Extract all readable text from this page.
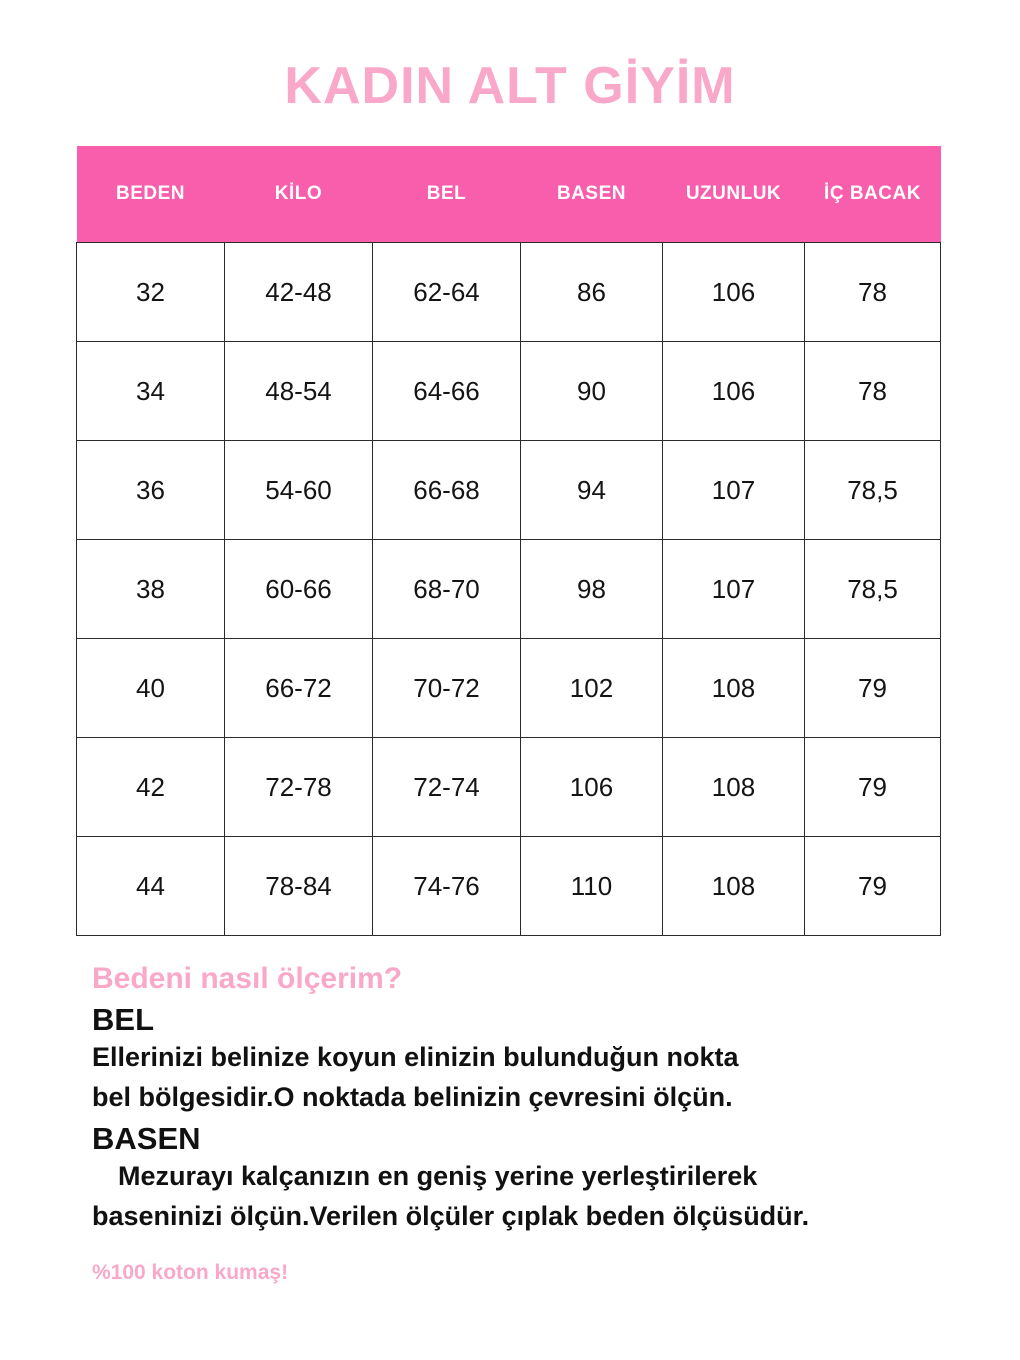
KADIN ALT GİYİM
BEDEN	KİLO	BEL	BASEN	UZUNLUK	İÇ BACAK
32	42-48	62-64	86	106	78
34	48-54	64-66	90	106	78
36	54-60	66-68	94	107	78,5
38	60-66	68-70	98	107	78,5
40	66-72	70-72	102	108	79
42	72-78	72-74	106	108	79
44	78-84	74-76	110	108	79
Bedeni nasıl ölçerim?
BEL
Ellerinizi belinize koyun elinizin bulunduğun nokta
bel bölgesidir.O noktada belinizin çevresini ölçün.
BASEN
Mezurayı kalçanızın en geniş yerine yerleştirilerek
baseninizi ölçün.Verilen ölçüler çıplak beden ölçüsüdür.
%100 koton kumaş!
